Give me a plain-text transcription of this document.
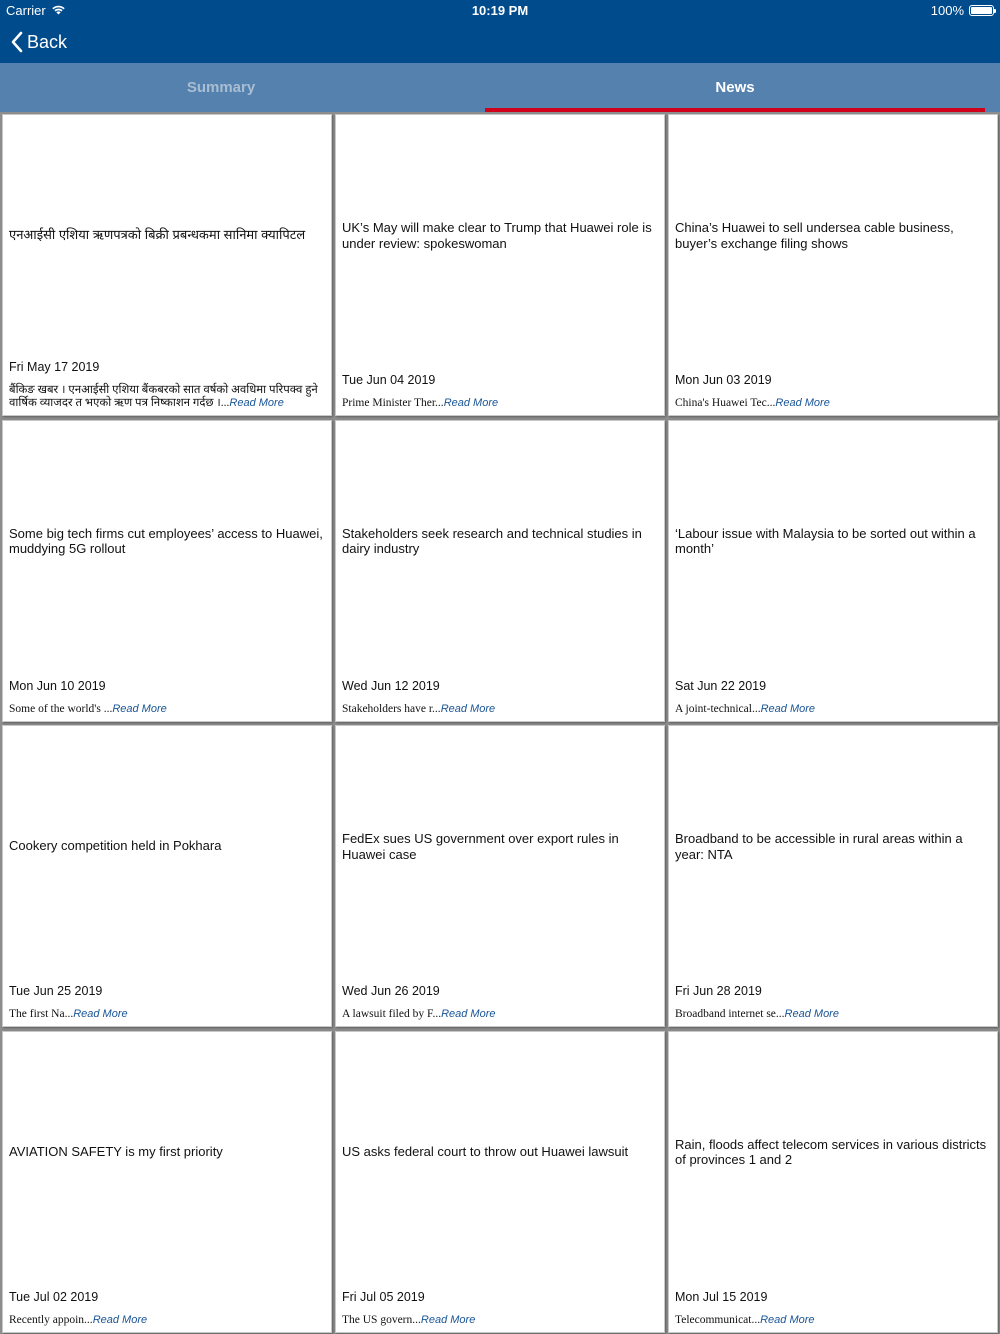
Carrier	10:19 PM	100%
Back
Summary	News
एनआईसी एशिया ऋणपत्रको बिक्री प्रबन्धकमा सानिमा क्यापिटल
Fri May 17 2019
बैंकिङ खबर । एनआईसी एशिया बैंकबरको सात वर्षको अवधिमा परिपक्व हुने वार्षिक व्याजदर त भएको ऋण पत्र निष्काशन गर्दछ ।...Read More
UK’s May will make clear to Trump that Huawei role is under review: spokeswoman
Tue Jun 04 2019
Prime Minister Ther...Read More
China’s Huawei to sell undersea cable business, buyer’s exchange filing shows
Mon Jun 03 2019
China's Huawei Tec...Read More
Some big tech firms cut employees’ access to Huawei, muddying 5G rollout
Mon Jun 10 2019
Some of the world's ...Read More
Stakeholders seek research and technical studies in dairy industry
Wed Jun 12 2019
Stakeholders have r...Read More
‘Labour issue with Malaysia to be sorted out within a month’
Sat Jun 22 2019
A joint-technical...Read More
Cookery competition held in Pokhara
Tue Jun 25 2019
The first Na...Read More
FedEx sues US government over export rules in Huawei case
Wed Jun 26 2019
A lawsuit filed by F...Read More
Broadband to be accessible in rural areas within a year: NTA
Fri Jun 28 2019
Broadband internet se...Read More
AVIATION SAFETY is my first priority
Tue Jul 02 2019
Recently appoin...Read More
US asks federal court to throw out Huawei lawsuit
Fri Jul 05 2019
The US govern...Read More
Rain, floods affect telecom services in various districts of provinces 1 and 2
Mon Jul 15 2019
Telecommunicat...Read More
